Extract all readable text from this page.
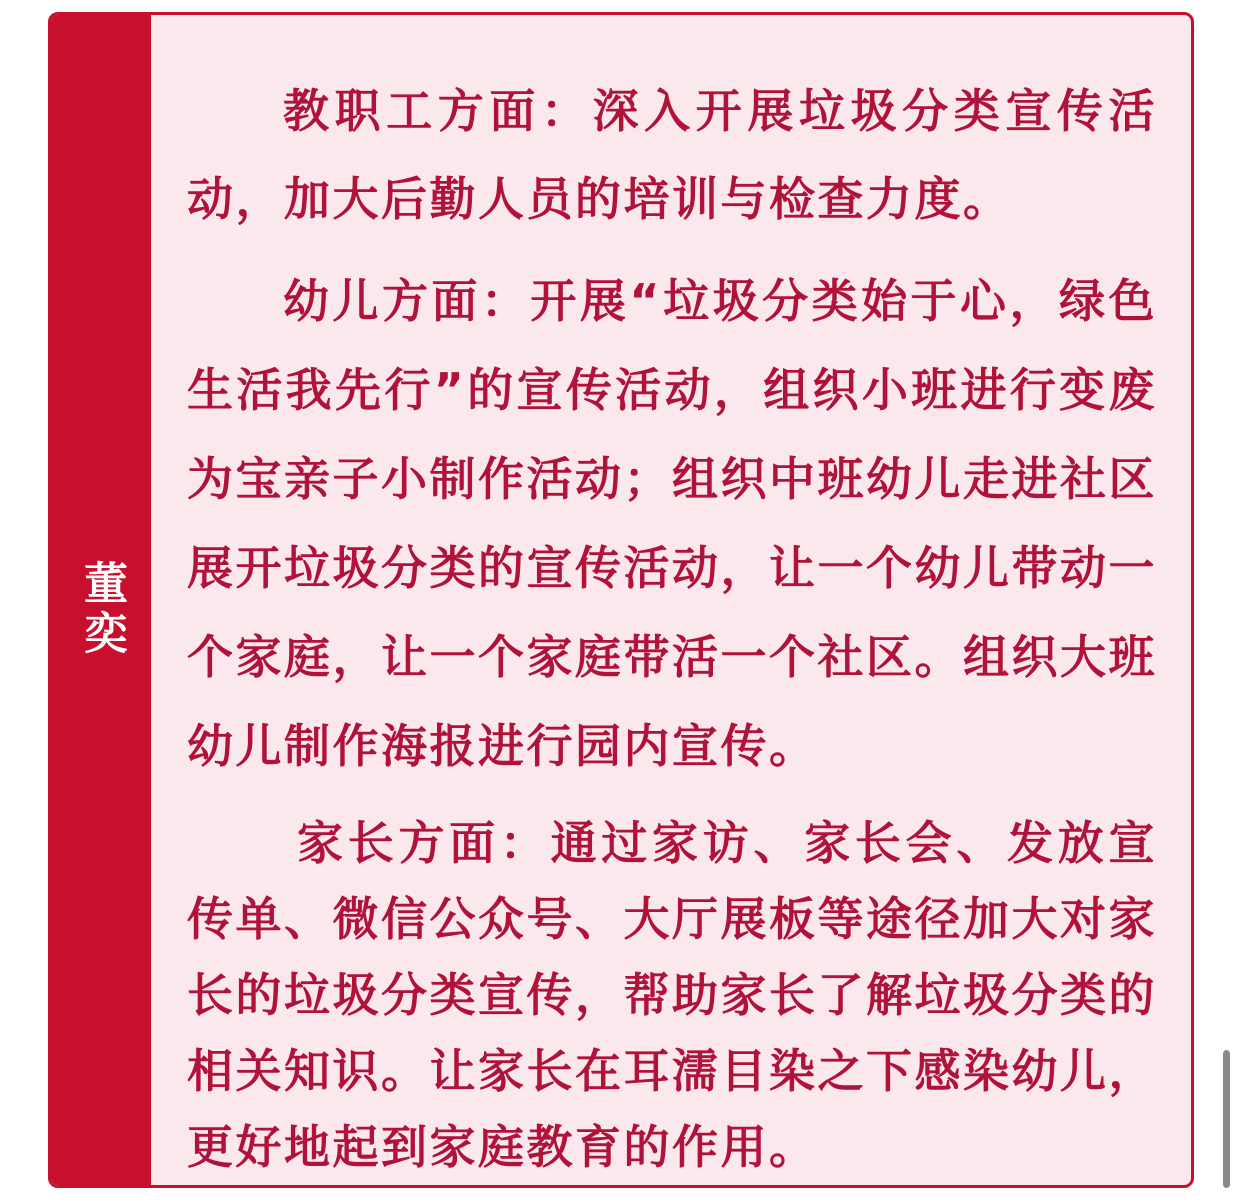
董奕

教职工方面：深入开展垃圾分类宣传活动，加大后勤人员的培训与检查力度。

幼儿方面：开展“垃圾分类始于心，绿色生活我先行”的宣传活动，组织小班进行变废为宝亲子小制作活动；组织中班幼儿走进社区展开垃圾分类的宣传活动，让一个幼儿带动一个家庭，让一个家庭带活一个社区。组织大班幼儿制作海报进行园内宣传。

家长方面：通过家访、家长会、发放宣传单、微信公众号、大厅展板等途径加大对家长的垃圾分类宣传，帮助家长了解垃圾分类的相关知识。让家长在耳濡目染之下感染幼儿，更好地起到家庭教育的作用。
